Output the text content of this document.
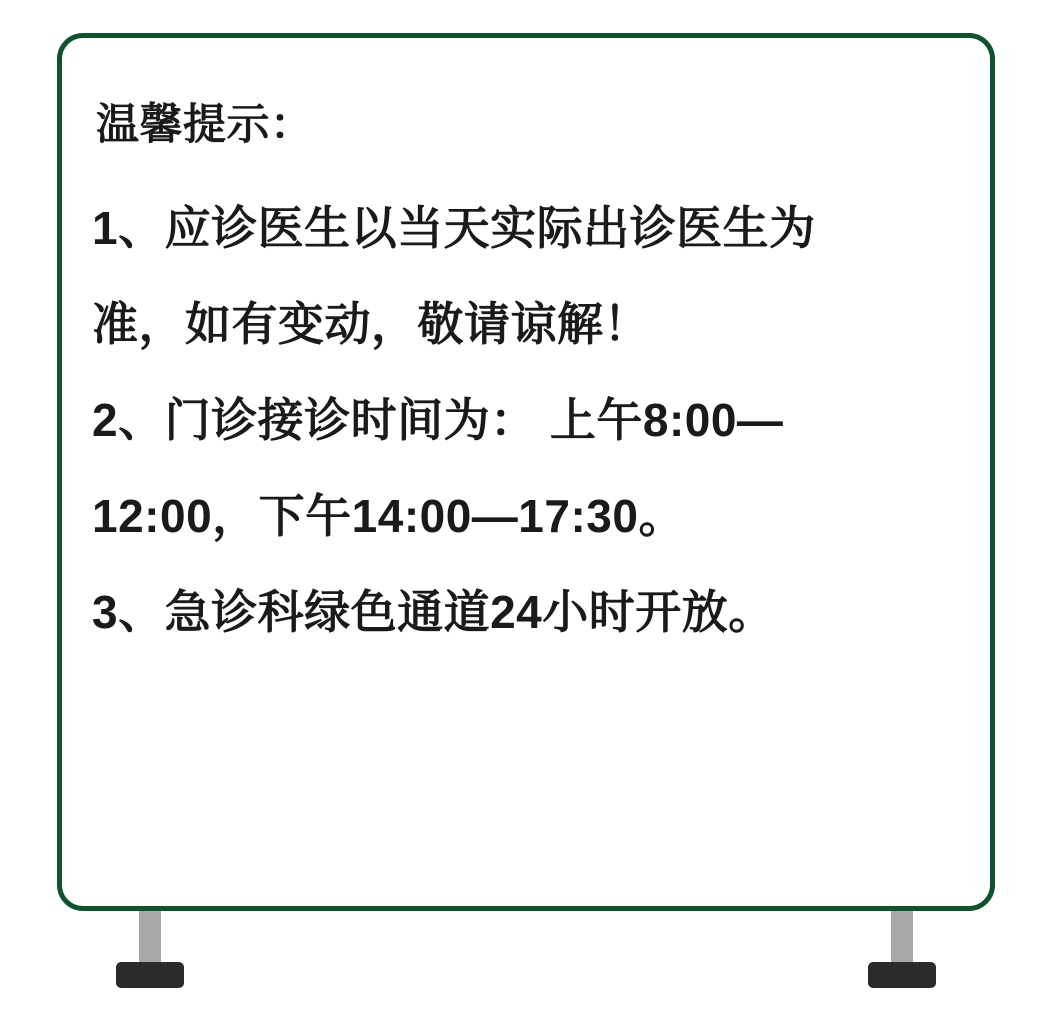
温馨提示：

1、应诊医生以当天实际出诊医生为

准，如有变动，敬请谅解！

2、门诊接诊时间为： 上午8:00—

12:00，下午14:00—17:30。

3、急诊科绿色通道24小时开放。
